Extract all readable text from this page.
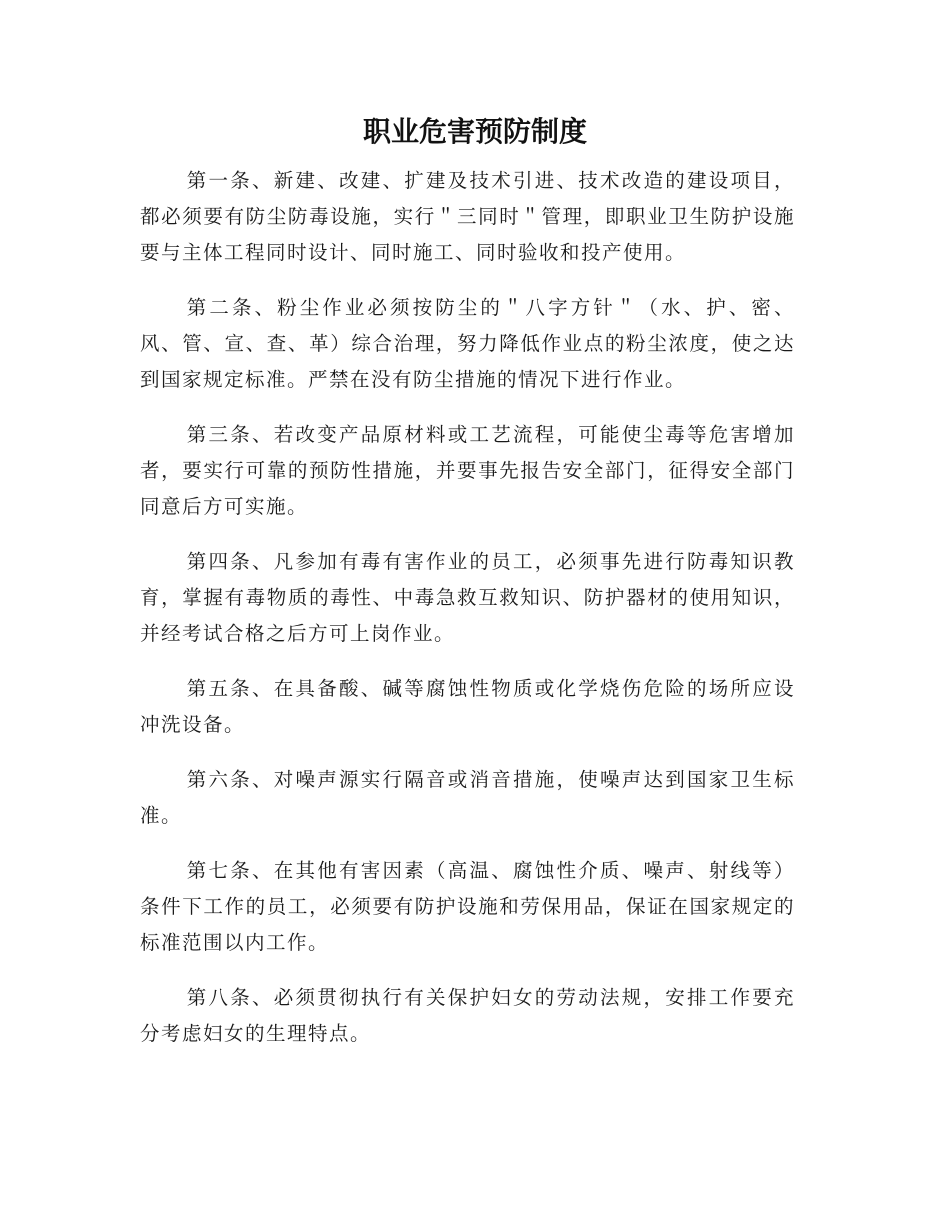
职业危害预防制度

第一条、新建、改建、扩建及技术引进、技术改造的建设项目，都必须要有防尘防毒设施，实行＂三同时＂管理，即职业卫生防护设施要与主体工程同时设计、同时施工、同时验收和投产使用。

第二条、粉尘作业必须按防尘的＂八字方针＂（水、护、密、风、管、宣、查、革）综合治理，努力降低作业点的粉尘浓度，使之达到国家规定标准。严禁在没有防尘措施的情况下进行作业。

第三条、若改变产品原材料或工艺流程，可能使尘毒等危害增加者，要实行可靠的预防性措施，并要事先报告安全部门，征得安全部门同意后方可实施。

第四条、凡参加有毒有害作业的员工，必须事先进行防毒知识教育，掌握有毒物质的毒性、中毒急救互救知识、防护器材的使用知识，并经考试合格之后方可上岗作业。

第五条、在具备酸、碱等腐蚀性物质或化学烧伤危险的场所应设冲洗设备。

第六条、对噪声源实行隔音或消音措施，使噪声达到国家卫生标准。

第七条、在其他有害因素（高温、腐蚀性介质、噪声、射线等）条件下工作的员工，必须要有防护设施和劳保用品，保证在国家规定的标准范围以内工作。

第八条、必须贯彻执行有关保护妇女的劳动法规，安排工作要充分考虑妇女的生理特点。
